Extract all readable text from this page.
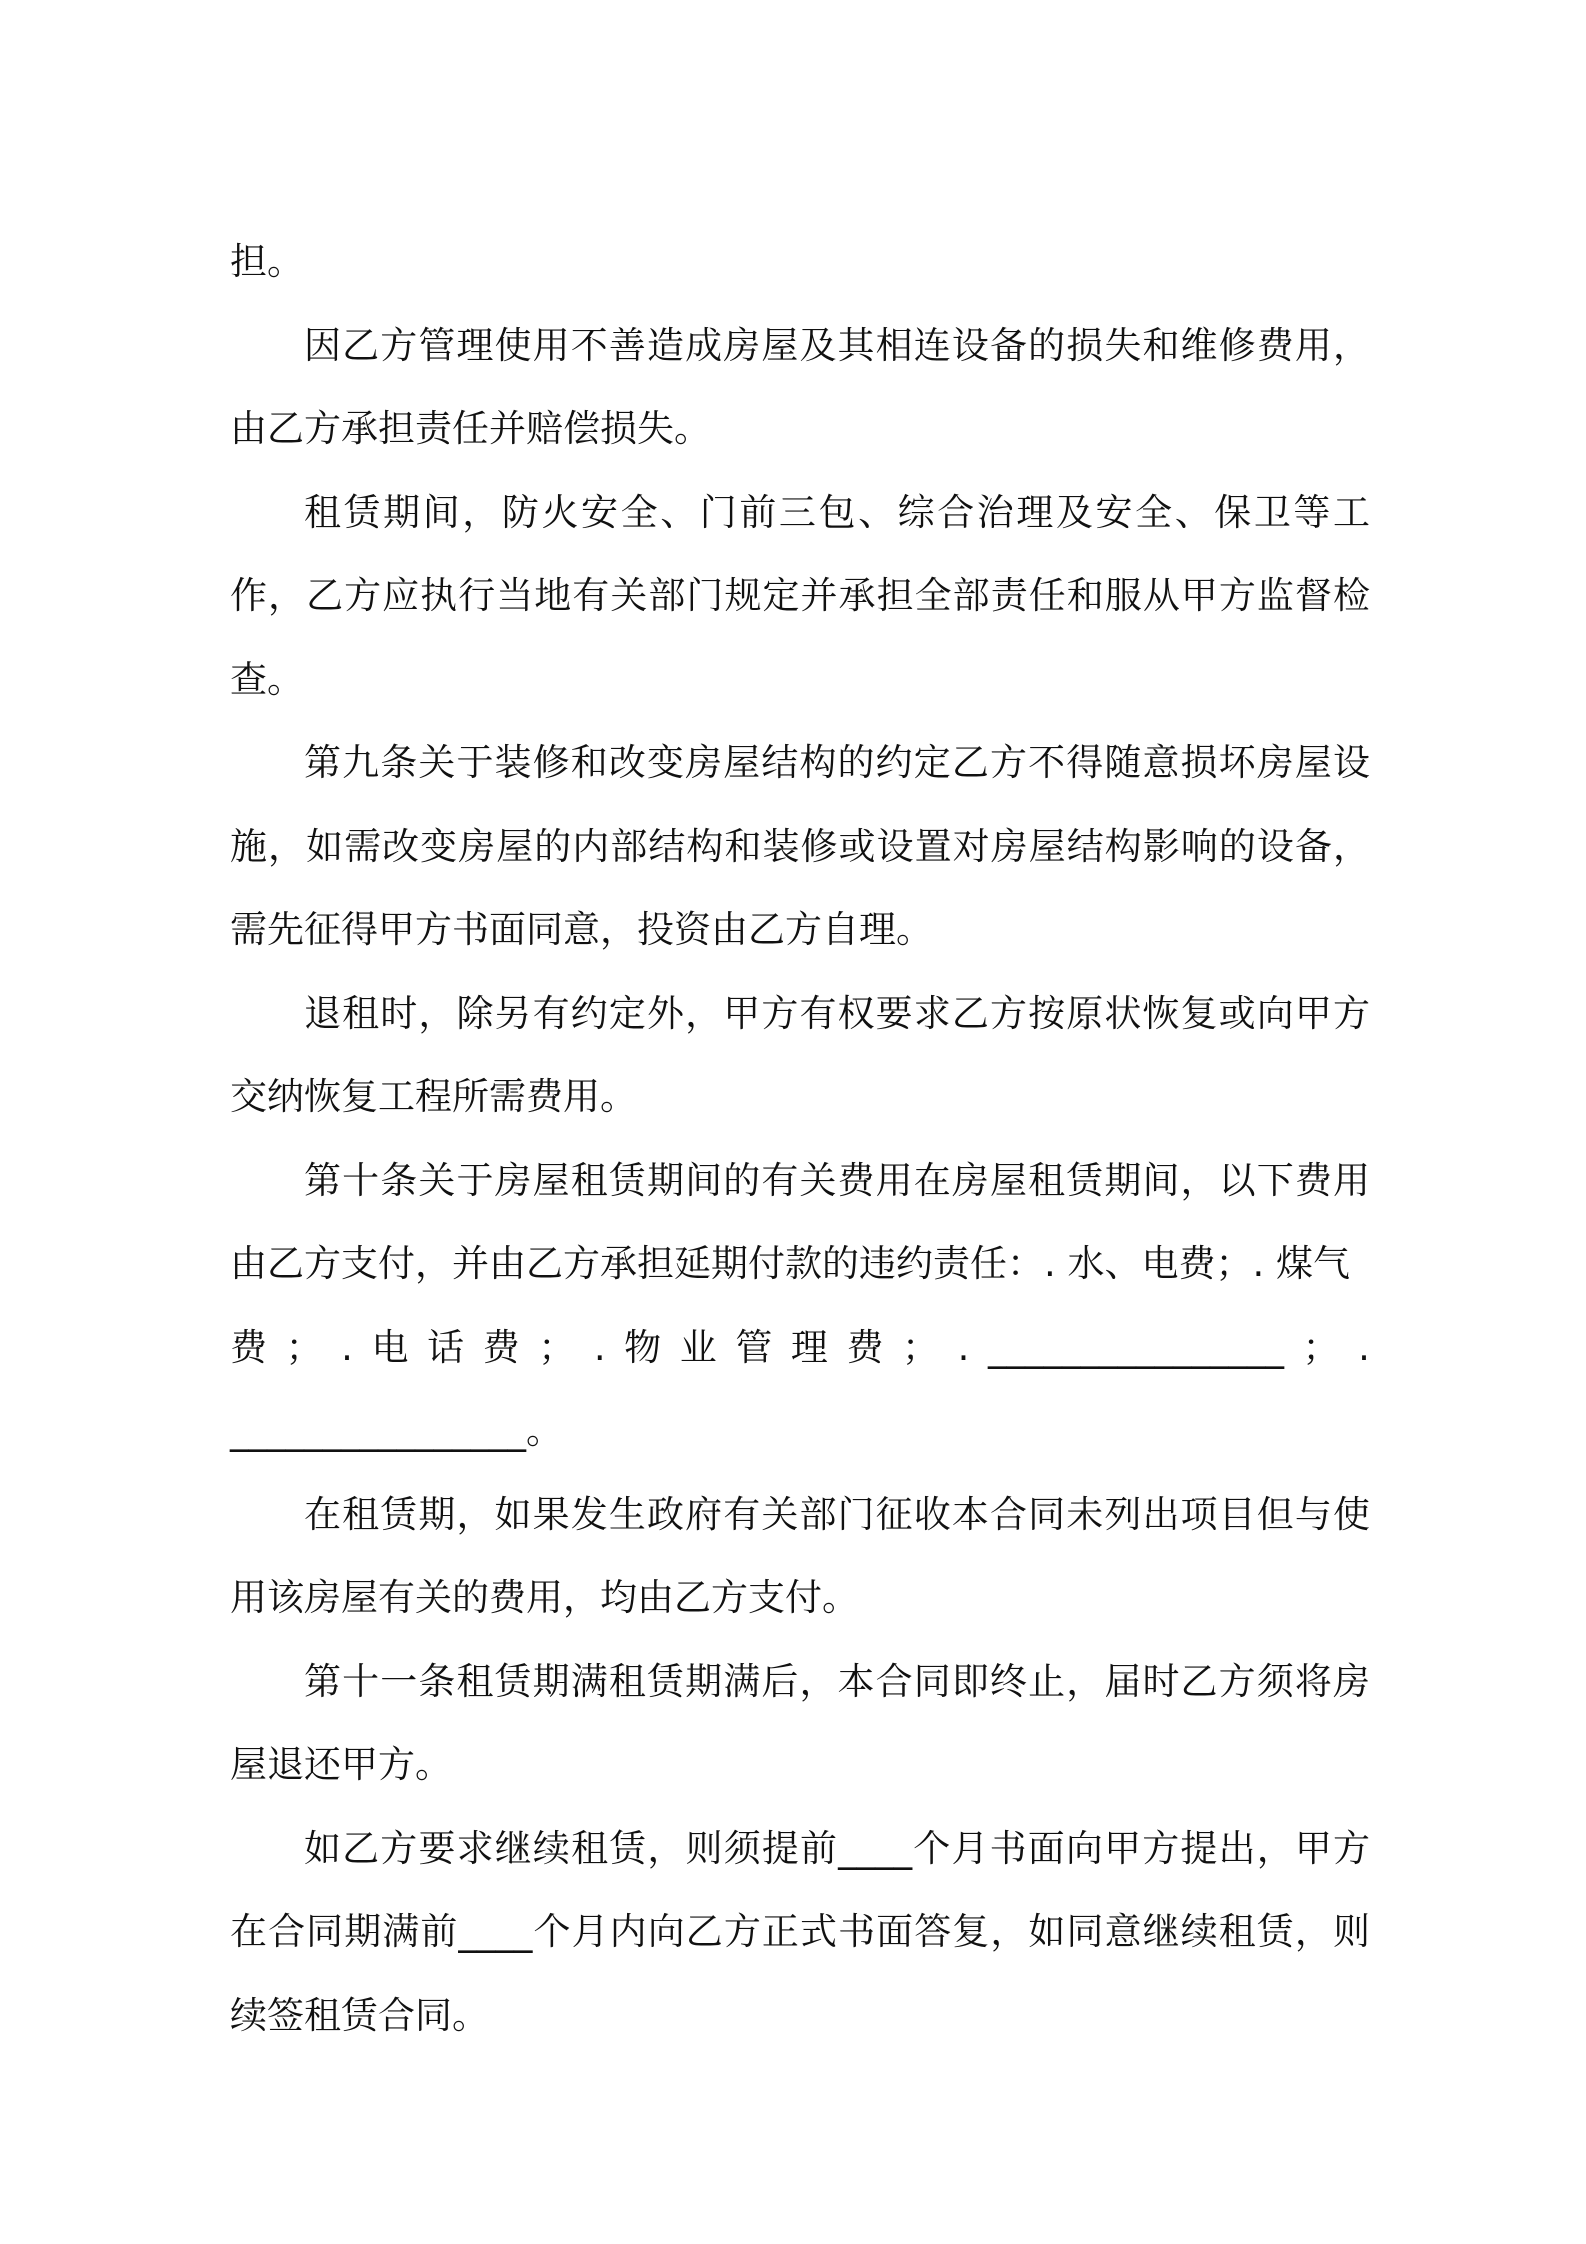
担。

因乙方管理使用不善造成房屋及其相连设备的损失和维修费用，由乙方承担责任并赔偿损失。

租赁期间，防火安全、门前三包、综合治理及安全、保卫等工作，乙方应执行当地有关部门规定并承担全部责任和服从甲方监督检查。

第九条关于装修和改变房屋结构的约定乙方不得随意损坏房屋设施，如需改变房屋的内部结构和装修或设置对房屋结构影响的设备，需先征得甲方书面同意，投资由乙方自理。

退租时，除另有约定外，甲方有权要求乙方按原状恢复或向甲方交纳恢复工程所需费用。

第十条关于房屋租赁期间的有关费用在房屋租赁期间，以下费用由乙方支付，并由乙方承担延期付款的违约责任：. 水、电费；. 煤气

费 ； . 电 话 费 ； . 物 业 管 理 费 ； . ________________ ； .

________________。

在租赁期，如果发生政府有关部门征收本合同未列出项目但与使用该房屋有关的费用，均由乙方支付。

第十一条租赁期满租赁期满后，本合同即终止，届时乙方须将房屋退还甲方。

如乙方要求继续租赁，则须提前____个月书面向甲方提出，甲方在合同期满前____个月内向乙方正式书面答复，如同意继续租赁，则续签租赁合同。
